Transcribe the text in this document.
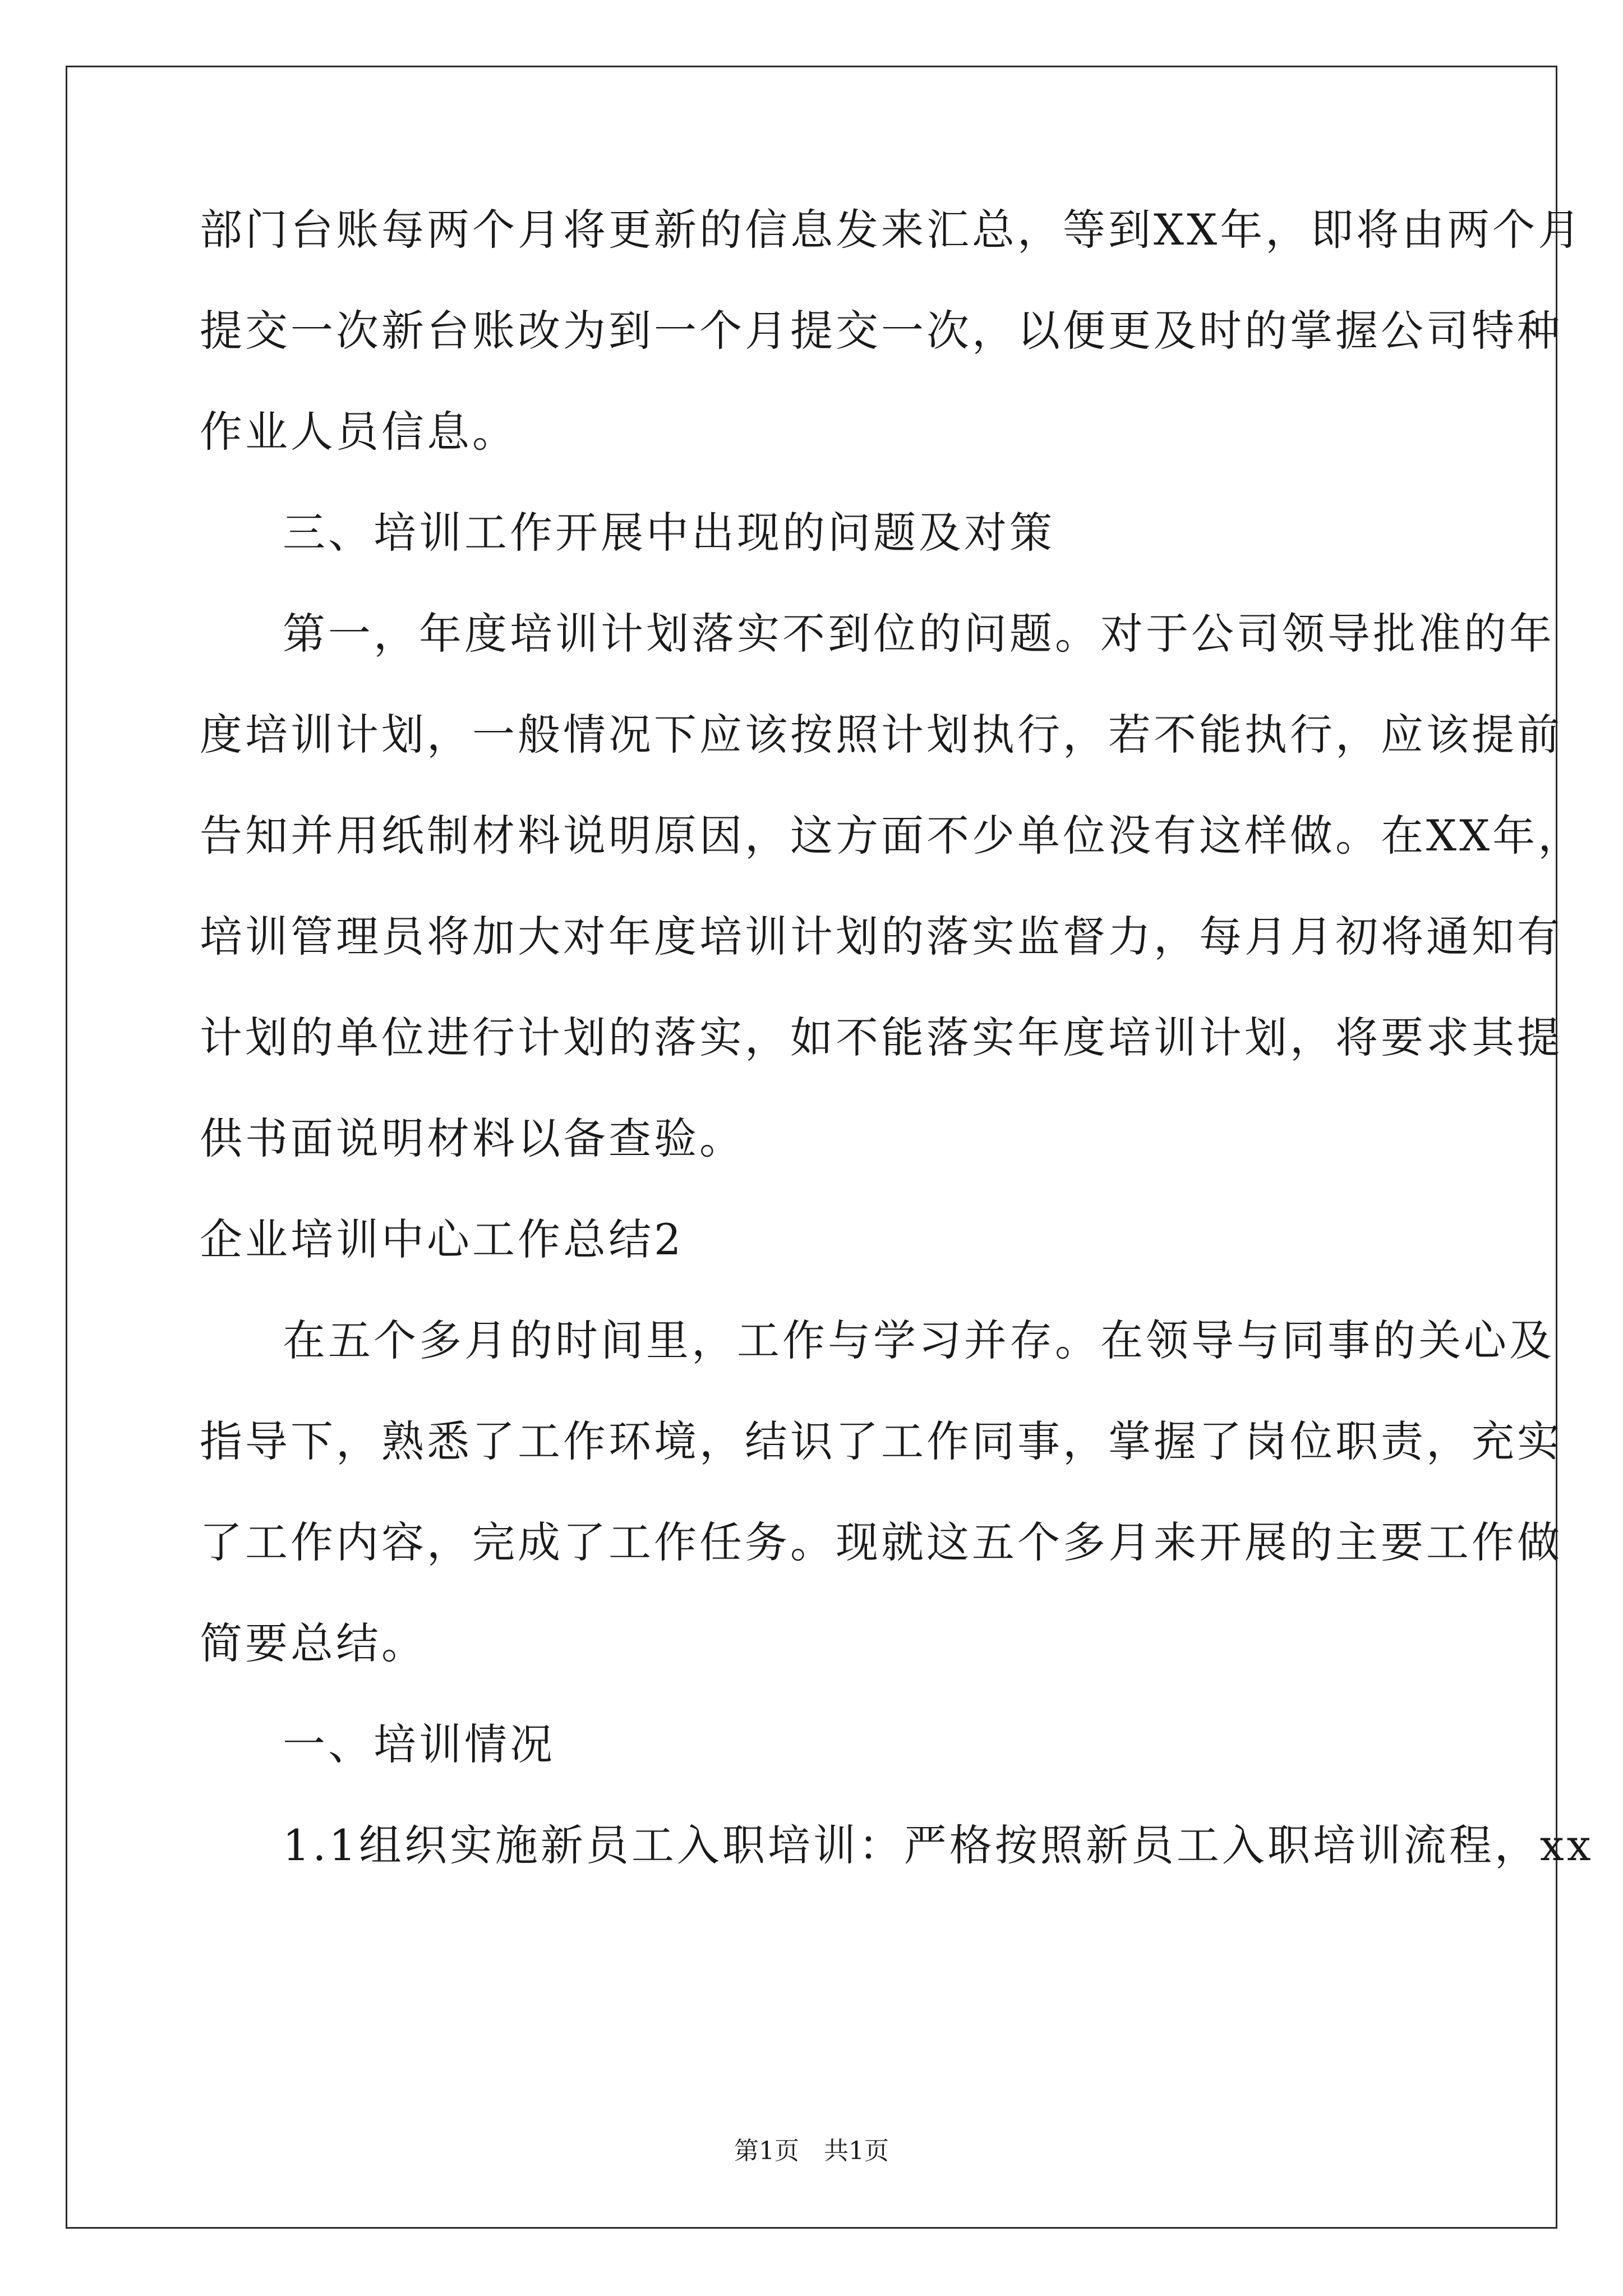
部门台账每两个月将更新的信息发来汇总，等到XX年，即将由两个月
提交一次新台账改为到一个月提交一次，以便更及时的掌握公司特种
作业人员信息。
三、培训工作开展中出现的问题及对策
第一，年度培训计划落实不到位的问题。对于公司领导批准的年
度培训计划，一般情况下应该按照计划执行，若不能执行，应该提前
告知并用纸制材料说明原因，这方面不少单位没有这样做。在XX年，
培训管理员将加大对年度培训计划的落实监督力，每月月初将通知有
计划的单位进行计划的落实，如不能落实年度培训计划，将要求其提
供书面说明材料以备查验。
企业培训中心工作总结2
在五个多月的时间里，工作与学习并存。在领导与同事的关心及
指导下，熟悉了工作环境，结识了工作同事，掌握了岗位职责，充实
了工作内容，完成了工作任务。现就这五个多月来开展的主要工作做
简要总结。
一、培训情况
1.1组织实施新员工入职培训：严格按照新员工入职培训流程，xx
第1页　共1页
